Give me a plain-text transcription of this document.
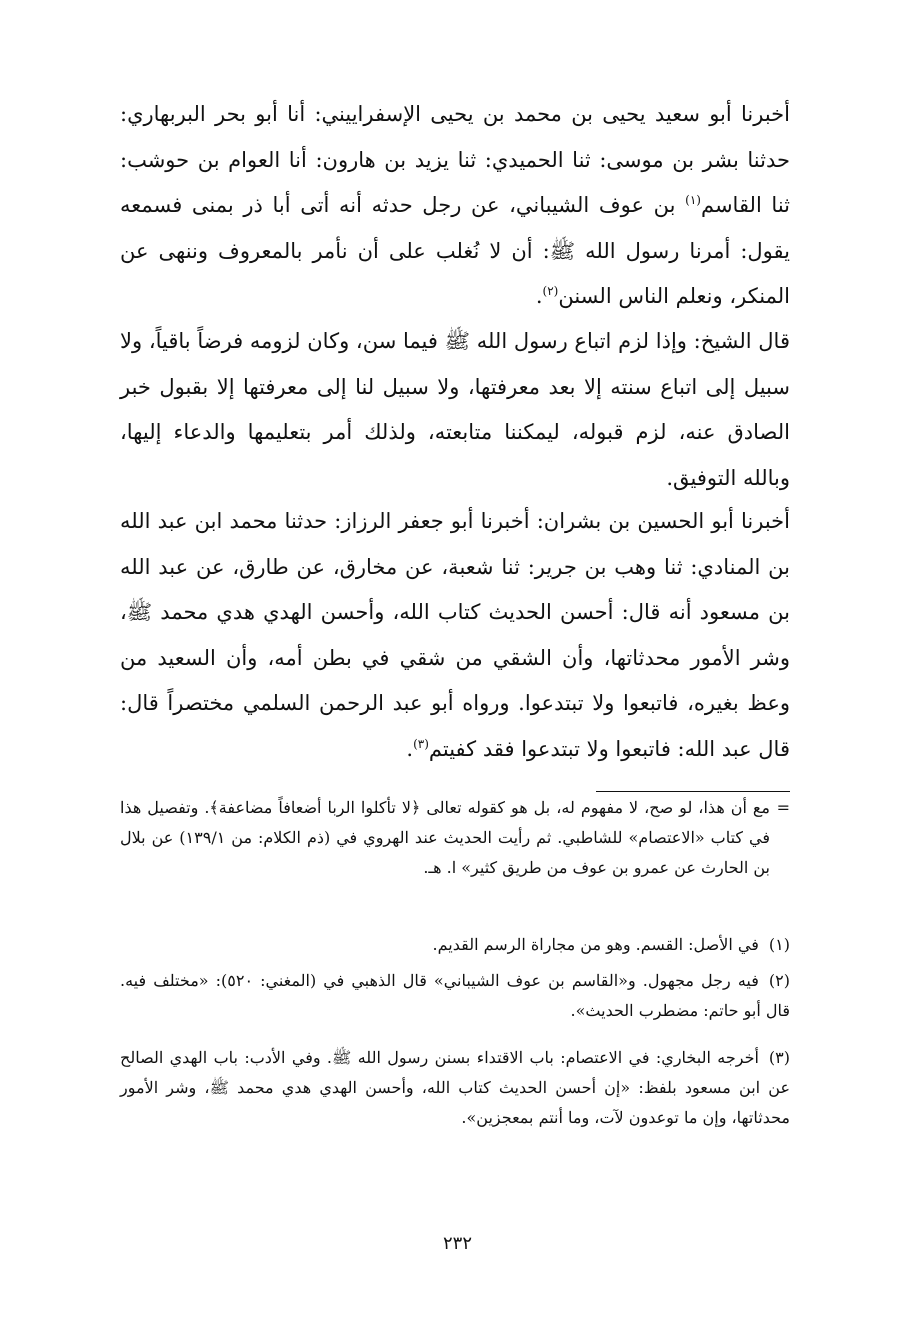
أخبرنا أبو سعيد يحيى بن محمد بن يحيى الإسفراييني: أنا أبو بحر البربهاري: حدثنا بشر بن موسى: ثنا الحميدي: ثنا يزيد بن هارون: أنا العوام بن حوشب: ثنا القاسم$^{(١)}$ بن عوف الشيباني، عن رجل حدثه أنه أتى أبا ذر بمنى فسمعه يقول: أمرنا رسول الله ﷺ: أن لا نُغلب على أن نأمر بالمعروف وننهى عن المنكر، ونعلم الناس السنن$^{(٢)}$.

قال الشيخ: وإذا لزم اتباع رسول الله ﷺ فيما سن، وكان لزومه فرضاً باقياً، ولا سبيل إلى اتباع سنته إلا بعد معرفتها، ولا سبيل لنا إلى معرفتها إلا بقبول خبر الصادق عنه، لزم قبوله، ليمكننا متابعته، ولذلك أمر بتعليمها والدعاء إليها، وبالله التوفيق.

أخبرنا أبو الحسين بن بشران: أخبرنا أبو جعفر الرزاز: حدثنا محمد ابن عبد الله بن المنادي: ثنا وهب بن جرير: ثنا شعبة، عن مخارق، عن طارق، عن عبد الله بن مسعود أنه قال: أحسن الحديث كتاب الله، وأحسن الهدي هدي محمد ﷺ، وشر الأمور محدثاتها، وأن الشقي من شقي في بطن أمه، وأن السعيد من وعظ بغيره، فاتبعوا ولا تبتدعوا. ورواه أبو عبد الرحمن السلمي مختصراً قال: قال عبد الله: فاتبعوا ولا تبتدعوا فقد كفيتم$^{(٣)}$.

=
مع أن هذا، لو صح، لا مفهوم له، بل هو كقوله تعالى ﴿لا تأكلوا الربا أضعافاً مضاعفة﴾. وتفصيل هذا في كتاب «الاعتصام» للشاطبي. ثم رأيت الحديث عند الهروي في (ذم الكلام: من ١٣٩/١) عن بلال بن الحارث عن عمرو بن عوف من طريق كثير» ا. هـ.

(١)في الأصل: القسم. وهو من مجاراة الرسم القديم.

(٢)فيه رجل مجهول. و«القاسم بن عوف الشيباني» قال الذهبي في (المغني: ٥٢٠): «مختلف فيه. قال أبو حاتم: مضطرب الحديث».

(٣)أخرجه البخاري: في الاعتصام: باب الاقتداء بسنن رسول الله ﷺ. وفي الأدب: باب الهدي الصالح عن ابن مسعود بلفظ: «إن أحسن الحديث كتاب الله، وأحسن الهدي هدي محمد ﷺ، وشر الأمور محدثاتها، وإن ما توعدون لآت، وما أنتم بمعجزين».

٢٣٢
